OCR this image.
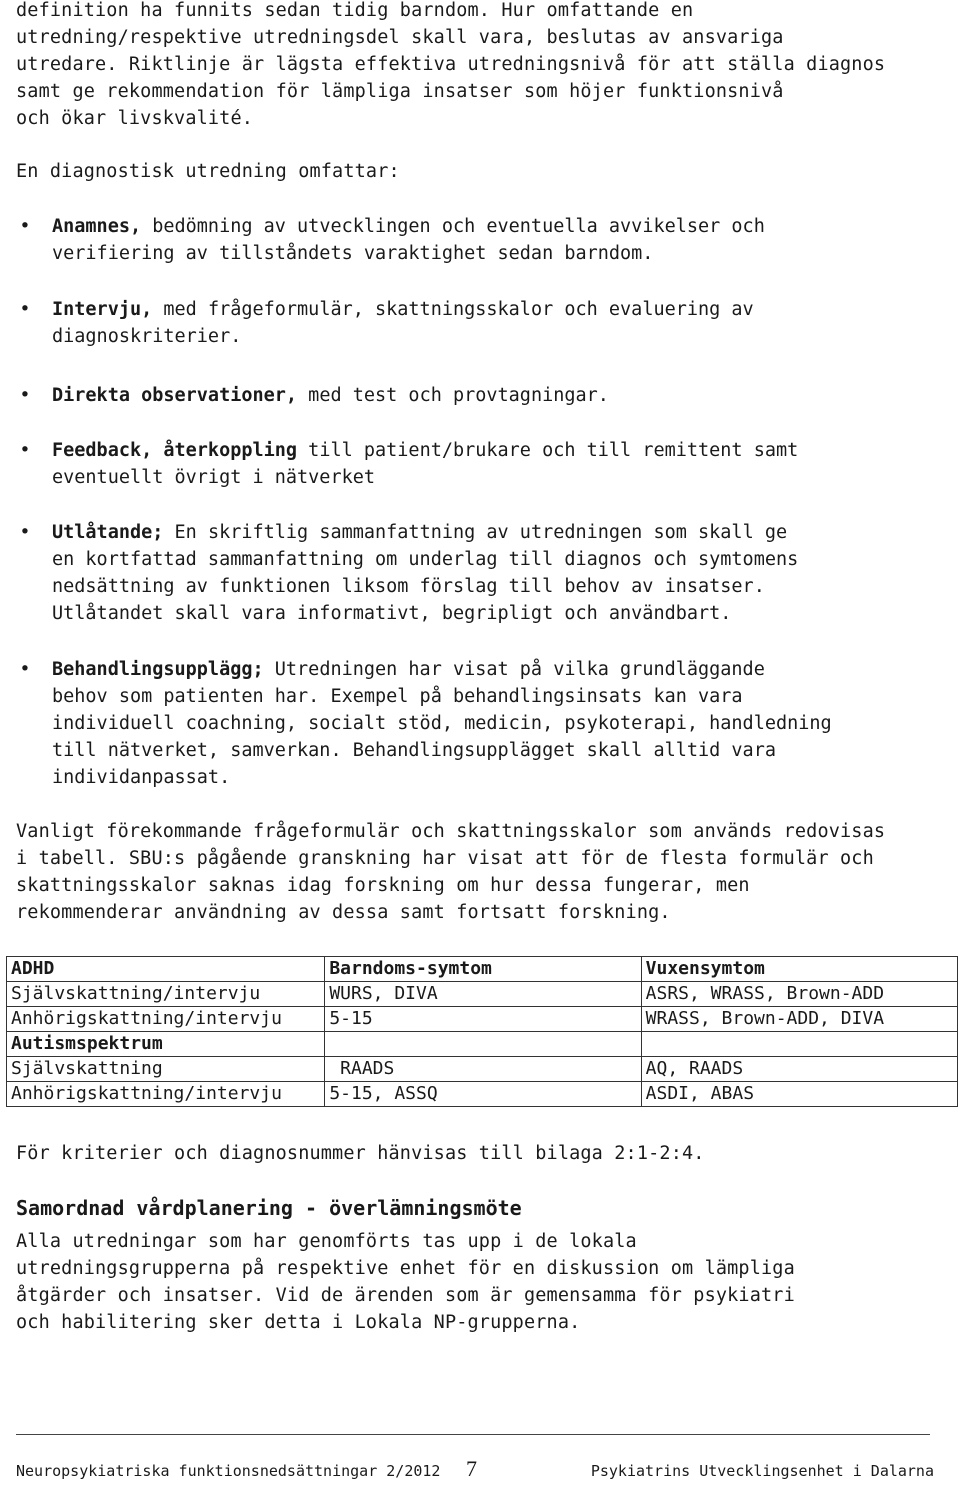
definition ha funnits sedan tidig barndom. Hur omfattande en
utredning/respektive utredningsdel skall vara, beslutas av ansvariga
utredare. Riktlinje är lägsta effektiva utredningsnivå för att ställa diagnos
samt ge rekommendation för lämpliga insatser som höjer funktionsnivå
och ökar livskvalité.
En diagnostisk utredning omfattar:
• Anamnes, bedömning av utvecklingen och eventuella avvikelser och
verifiering av tillståndets varaktighet sedan barndom.
• Intervju, med frågeformulär, skattningsskalor och evaluering av
diagnoskriterier.
• Direkta observationer, med test och provtagningar.
• Feedback, återkoppling till patient/brukare och till remittent samt
eventuellt övrigt i nätverket
• Utlåtande; En skriftlig sammanfattning av utredningen som skall ge
en kortfattad sammanfattning om underlag till diagnos och symtomens
nedsättning av funktionen liksom förslag till behov av insatser.
Utlåtandet skall vara informativt, begripligt och användbart.
• Behandlingsupplägg; Utredningen har visat på vilka grundläggande
behov som patienten har. Exempel på behandlingsinsats kan vara
individuell coachning, socialt stöd, medicin, psykoterapi, handledning
till nätverket, samverkan. Behandlingsupplägget skall alltid vara
individanpassat.
Vanligt förekommande frågeformulär och skattningsskalor som används redovisas
i tabell. SBU:s pågående granskning har visat att för de flesta formulär och
skattningsskalor saknas idag forskning om hur dessa fungerar, men
rekommenderar användning av dessa samt fortsatt forskning.
ADHD	Barndoms-symtom	Vuxensymtom
Självskattning/intervju	WURS, DIVA	ASRS, WRASS, Brown-ADD
Anhörigskattning/intervju	5-15	WRASS, Brown-ADD, DIVA
Autismspektrum		
Självskattning	RAADS	AQ, RAADS
Anhörigskattning/intervju	5-15, ASSQ	ASDI, ABAS
För kriterier och diagnosnummer hänvisas till bilaga 2:1-2:4.
Samordnad vårdplanering - överlämningsmöte
Alla utredningar som har genomförts tas upp i de lokala
utredningsgrupperna på respektive enhet för en diskussion om lämpliga
åtgärder och insatser. Vid de ärenden som är gemensamma för psykiatri
och habilitering sker detta i Lokala NP-grupperna.
Neuropsykiatriska funktionsnedsättningar 2/2012 7	Psykiatrins Utvecklingsenhet i Dalarna
